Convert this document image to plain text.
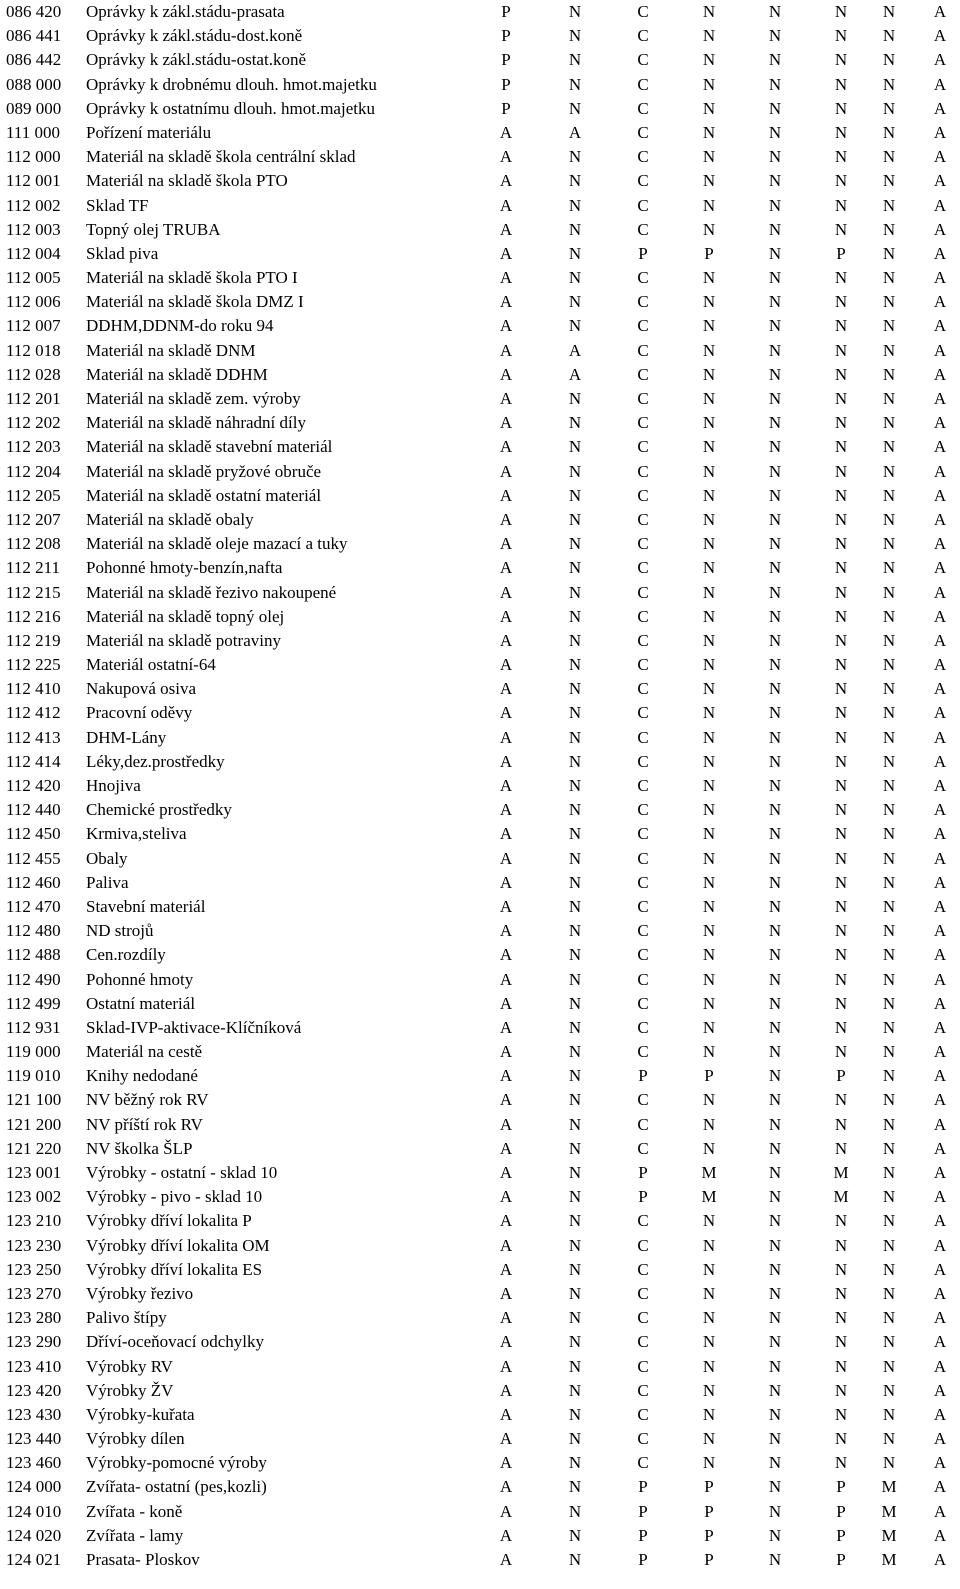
086 420 Oprávky k zákl.stádu-prasata	P	N	C	N	N	N	N	A
086 441 Oprávky k zákl.stádu-dost.koně	P	N	C	N	N	N	N	A
086 442 Oprávky k zákl.stádu-ostat.koně	P	N	C	N	N	N	N	A
088 000 Oprávky k drobnému dlouh. hmot.majetku	P	N	C	N	N	N	N	A
089 000 Oprávky k ostatnímu dlouh. hmot.majetku	P	N	C	N	N	N	N	A
111 000 Pořízení materiálu	A	A	C	N	N	N	N	A
112 000 Materiál na skladě škola centrální sklad	A	N	C	N	N	N	N	A
112 001 Materiál na skladě škola PTO	A	N	C	N	N	N	N	A
112 002 Sklad TF	A	N	C	N	N	N	N	A
112 003 Topný olej TRUBA	A	N	C	N	N	N	N	A
112 004 Sklad piva	A	N	P	P	N	P	N	A
112 005 Materiál na skladě škola PTO I	A	N	C	N	N	N	N	A
112 006 Materiál na skladě škola DMZ I	A	N	C	N	N	N	N	A
112 007 DDHM,DDNM-do roku 94	A	N	C	N	N	N	N	A
112 018 Materiál na skladě DNM	A	A	C	N	N	N	N	A
112 028 Materiál na skladě DDHM	A	A	C	N	N	N	N	A
112 201 Materiál na skladě zem. výroby	A	N	C	N	N	N	N	A
112 202 Materiál na skladě náhradní díly	A	N	C	N	N	N	N	A
112 203 Materiál na skladě stavební materiál	A	N	C	N	N	N	N	A
112 204 Materiál na skladě pryžové obruče	A	N	C	N	N	N	N	A
112 205 Materiál na skladě ostatní materiál	A	N	C	N	N	N	N	A
112 207 Materiál na skladě obaly	A	N	C	N	N	N	N	A
112 208 Materiál na skladě oleje mazací a tuky	A	N	C	N	N	N	N	A
112 211 Pohonné hmoty-benzín,nafta	A	N	C	N	N	N	N	A
112 215 Materiál na skladě řezivo nakoupené	A	N	C	N	N	N	N	A
112 216 Materiál na skladě topný olej	A	N	C	N	N	N	N	A
112 219 Materiál na skladě potraviny	A	N	C	N	N	N	N	A
112 225 Materiál ostatní-64	A	N	C	N	N	N	N	A
112 410 Nakupová osiva	A	N	C	N	N	N	N	A
112 412 Pracovní oděvy	A	N	C	N	N	N	N	A
112 413 DHM-Lány	A	N	C	N	N	N	N	A
112 414 Léky,dez.prostředky	A	N	C	N	N	N	N	A
112 420 Hnojiva	A	N	C	N	N	N	N	A
112 440 Chemické prostředky	A	N	C	N	N	N	N	A
112 450 Krmiva,steliva	A	N	C	N	N	N	N	A
112 455 Obaly	A	N	C	N	N	N	N	A
112 460 Paliva	A	N	C	N	N	N	N	A
112 470 Stavební materiál	A	N	C	N	N	N	N	A
112 480 ND strojů	A	N	C	N	N	N	N	A
112 488 Cen.rozdíly	A	N	C	N	N	N	N	A
112 490 Pohonné hmoty	A	N	C	N	N	N	N	A
112 499 Ostatní materiál	A	N	C	N	N	N	N	A
112 931 Sklad-IVP-aktivace-Klíčníková	A	N	C	N	N	N	N	A
119 000 Materiál na cestě	A	N	C	N	N	N	N	A
119 010 Knihy nedodané	A	N	P	P	N	P	N	A
121 100 NV běžný rok RV	A	N	C	N	N	N	N	A
121 200 NV příští rok RV	A	N	C	N	N	N	N	A
121 220 NV školka ŠLP	A	N	C	N	N	N	N	A
123 001 Výrobky - ostatní - sklad 10	A	N	P	M	N	M	N	A
123 002 Výrobky - pivo - sklad 10	A	N	P	M	N	M	N	A
123 210 Výrobky dříví lokalita P	A	N	C	N	N	N	N	A
123 230 Výrobky dříví lokalita OM	A	N	C	N	N	N	N	A
123 250 Výrobky dříví lokalita ES	A	N	C	N	N	N	N	A
123 270 Výrobky řezivo	A	N	C	N	N	N	N	A
123 280 Palivo štípy	A	N	C	N	N	N	N	A
123 290 Dříví-oceňovací odchylky	A	N	C	N	N	N	N	A
123 410 Výrobky RV	A	N	C	N	N	N	N	A
123 420 Výrobky ŽV	A	N	C	N	N	N	N	A
123 430 Výrobky-kuřata	A	N	C	N	N	N	N	A
123 440 Výrobky dílen	A	N	C	N	N	N	N	A
123 460 Výrobky-pomocné výroby	A	N	C	N	N	N	N	A
124 000 Zvířata- ostatní (pes,kozli)	A	N	P	P	N	P	M	A
124 010 Zvířata - koně	A	N	P	P	N	P	M	A
124 020 Zvířata - lamy	A	N	P	P	N	P	M	A
124 021 Prasata- Ploskov	A	N	P	P	N	P	M	A
